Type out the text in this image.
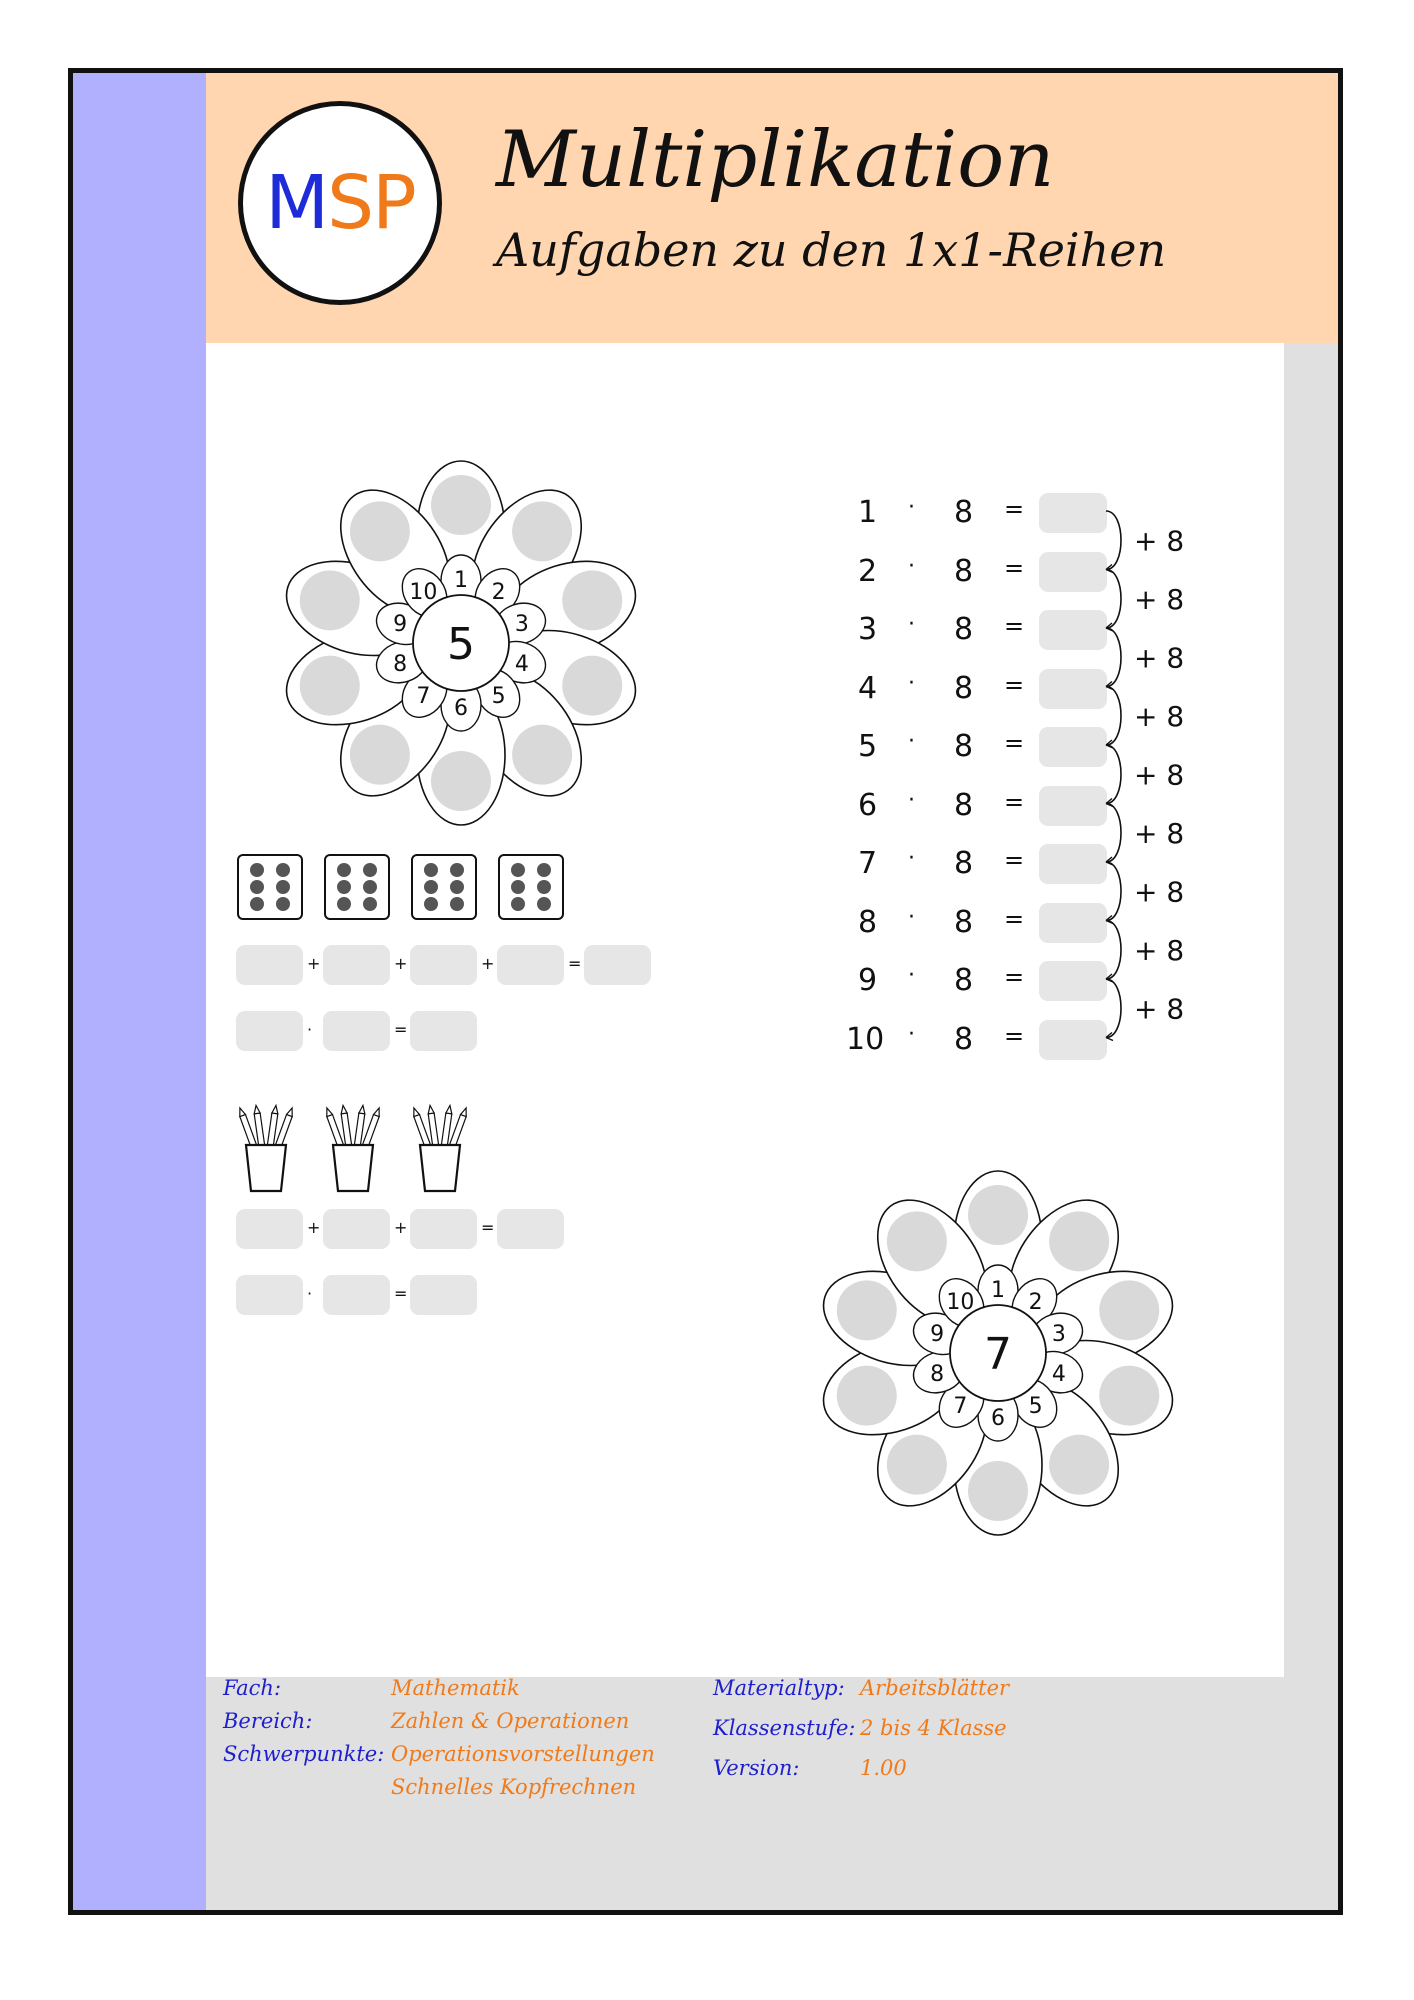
M SP Multiplikation
Aufgaben zu den 1x1-Reihen
1 2
3
4
5
6
7
8
9
10
5
1 2
3
4
5
6
7
8
9
10
7
1 · 8 =
2 · 8 =
3 · 8 =
4 · 8 =
5 · 8 =
6 · 8 =
7 · 8 =
8 · 8 =
9 · 8 =
10 · 8 =
+ 8
+ 8
+ 8
+ 8
+ 8
+ 8
+ 8
+ 8
+ 8
+	+	+	=
·	=
+	+	=
·	=
Fach:	Mathematik
Bereich:	Zahlen & Operationen
Schwerpunkte: Operationsvorstellungen
Schnelles Kopfrechnen
Materialtyp: Arbeitsblätter
Klassenstufe: 2 bis 4 Klasse
Version:	1.00
